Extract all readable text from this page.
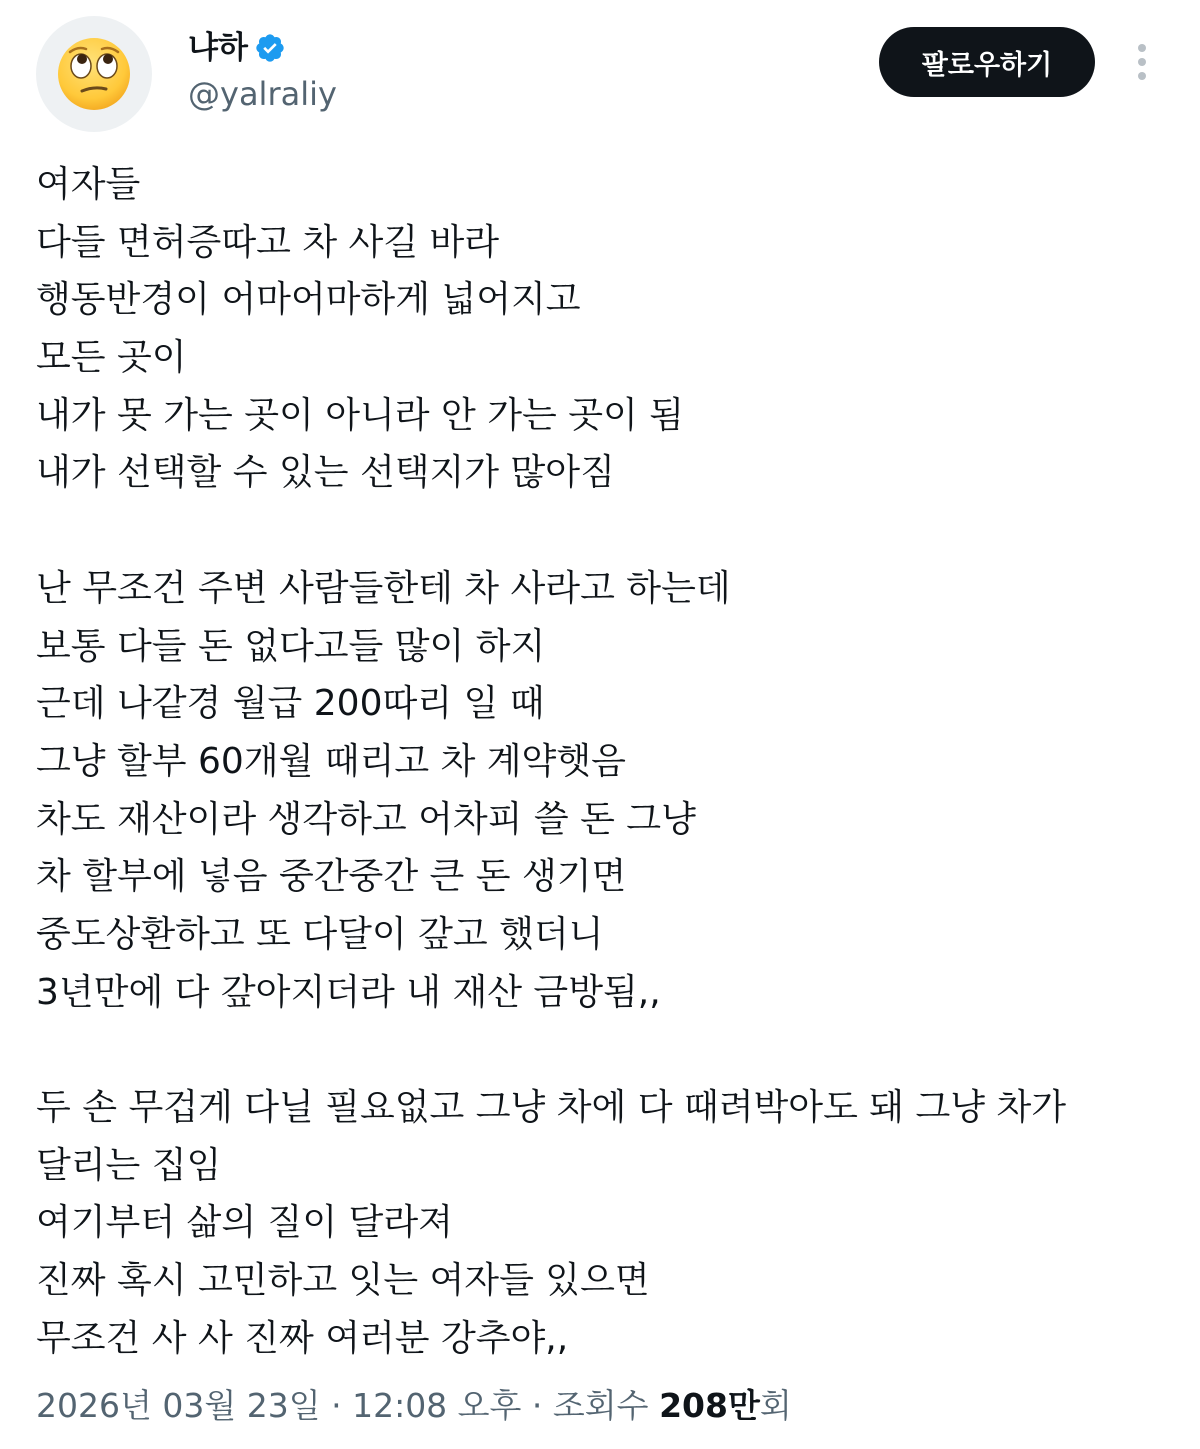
냐하
@yalraliy
팔로우하기
여자들
다들 면허증따고 차 사길 바라
행동반경이 어마어마하게 넓어지고
모든 곳이
내가 못 가는 곳이 아니라 안 가는 곳이 됨
내가 선택할 수 있는 선택지가 많아짐
난 무조건 주변 사람들한테 차 사라고 하는데
보통 다들 돈 없다고들 많이 하지
근데 나같경 월급 200따리 일 때
그냥 할부 60개월 때리고 차 계약햇음
차도 재산이라 생각하고 어차피 쓸 돈 그냥
차 할부에 넣음 중간중간 큰 돈 생기면
중도상환하고 또 다달이 갚고 했더니
3년만에 다 갚아지더라 내 재산 금방됨,,
두 손 무겁게 다닐 필요없고 그냥 차에 다 때려박아도 돼 그냥 차가
달리는 집임
여기부터 삶의 질이 달라져
진짜 혹시 고민하고 잇는 여자들 있으면
무조건 사 사 진짜 여러분 강추야,,
2026년 03월 23일 · 12:08 오후 · 조회수 208만회
